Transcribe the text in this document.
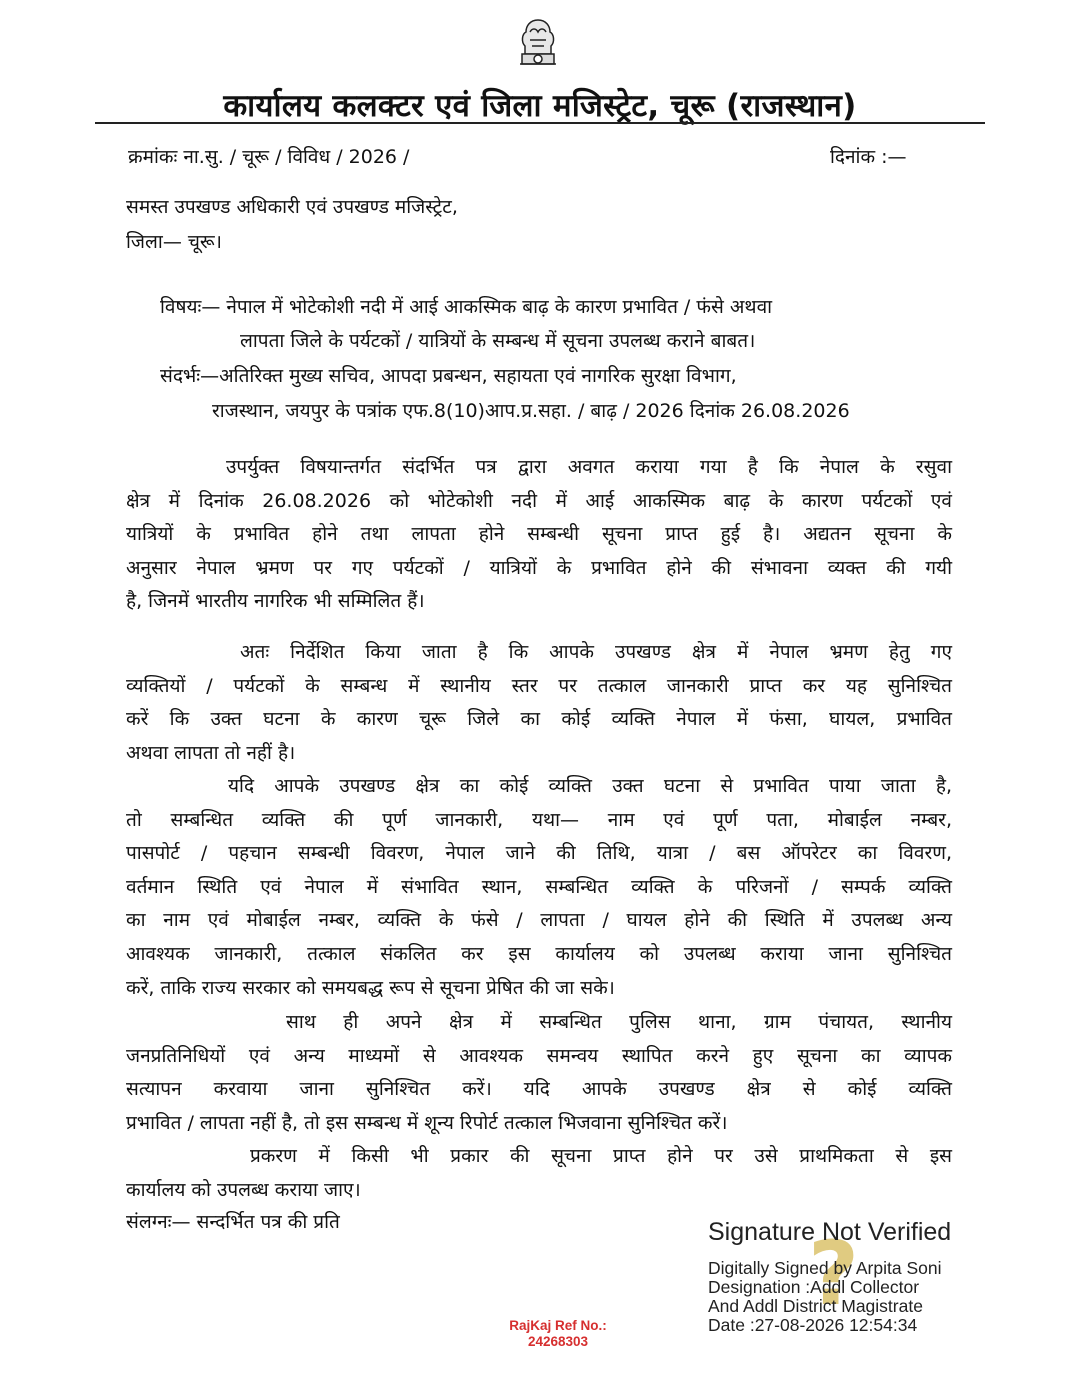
कार्यालय कलक्टर एवं जिला मजिस्ट्रेट, चूरू (राजस्थान)
क्रमांकः ना.सु. / चूरू / विविध / 2026 /	दिनांक :—
समस्त उपखण्ड अधिकारी एवं उपखण्ड मजिस्ट्रेट,
जिला— चूरू।
विषयः— नेपाल में भोटेकोशी नदी में आई आकस्मिक बाढ़ के कारण प्रभावित / फंसे अथवा
लापता जिले के पर्यटकों / यात्रियों के सम्बन्ध में सूचना उपलब्ध कराने बाबत।
संदर्भः—अतिरिक्त मुख्य सचिव, आपदा प्रबन्धन, सहायता एवं नागरिक सुरक्षा विभाग,
राजस्थान, जयपुर के पत्रांक एफ.8(10)आप.प्र.सहा. / बाढ़ / 2026 दिनांक 26.08.2026
उपर्युक्त विषयान्तर्गत संदर्भित पत्र द्वारा अवगत कराया गया है कि नेपाल के रसुवा
क्षेत्र में दिनांक 26.08.2026 को भोटेकोशी नदी में आई आकस्मिक बाढ़ के कारण पर्यटकों एवं
यात्रियों के प्रभावित होने तथा लापता होने सम्बन्धी सूचना प्राप्त हुई है। अद्यतन सूचना के
अनुसार नेपाल भ्रमण पर गए पर्यटकों / यात्रियों के प्रभावित होने की संभावना व्यक्त की गयी
है, जिनमें भारतीय नागरिक भी सम्मिलित हैं।
अतः निर्देशित किया जाता है कि आपके उपखण्ड क्षेत्र में नेपाल भ्रमण हेतु गए
व्यक्तियों / पर्यटकों के सम्बन्ध में स्थानीय स्तर पर तत्काल जानकारी प्राप्त कर यह सुनिश्चित
करें कि उक्त घटना के कारण चूरू जिले का कोई व्यक्ति नेपाल में फंसा, घायल, प्रभावित
अथवा लापता तो नहीं है।
यदि आपके उपखण्ड क्षेत्र का कोई व्यक्ति उक्त घटना से प्रभावित पाया जाता है,
तो सम्बन्धित व्यक्ति की पूर्ण जानकारी, यथा— नाम एवं पूर्ण पता, मोबाईल नम्बर,
पासपोर्ट / पहचान सम्बन्धी विवरण, नेपाल जाने की तिथि, यात्रा / बस ऑपरेटर का विवरण,
वर्तमान स्थिति एवं नेपाल में संभावित स्थान, सम्बन्धित व्यक्ति के परिजनों / सम्पर्क व्यक्ति
का नाम एवं मोबाईल नम्बर, व्यक्ति के फंसे / लापता / घायल होने की स्थिति में उपलब्ध अन्य
आवश्यक जानकारी, तत्काल संकलित कर इस कार्यालय को उपलब्ध कराया जाना सुनिश्चित
करें, ताकि राज्य सरकार को समयबद्ध रूप से सूचना प्रेषित की जा सके।
साथ ही अपने क्षेत्र में सम्बन्धित पुलिस थाना, ग्राम पंचायत, स्थानीय
जनप्रतिनिधियों एवं अन्य माध्यमों से आवश्यक समन्वय स्थापित करने हुए सूचना का व्यापक
सत्यापन करवाया जाना सुनिश्चित करें। यदि आपके उपखण्ड क्षेत्र से कोई व्यक्ति
प्रभावित / लापता नहीं है, तो इस सम्बन्ध में शून्य रिपोर्ट तत्काल भिजवाना सुनिश्चित करें।
प्रकरण में किसी भी प्रकार की सूचना प्राप्त होने पर उसे प्राथमिकता से इस
कार्यालय को उपलब्ध कराया जाए।
संलग्नः— सन्दर्भित पत्र की प्रति	?
Signature Not Verified
Digitally Signed by Arpita Soni
Designation :Addl Collector
And Addl District Magistrate
Date :27-08-2026 12:54:34
RajKaj Ref No.:
24268303
